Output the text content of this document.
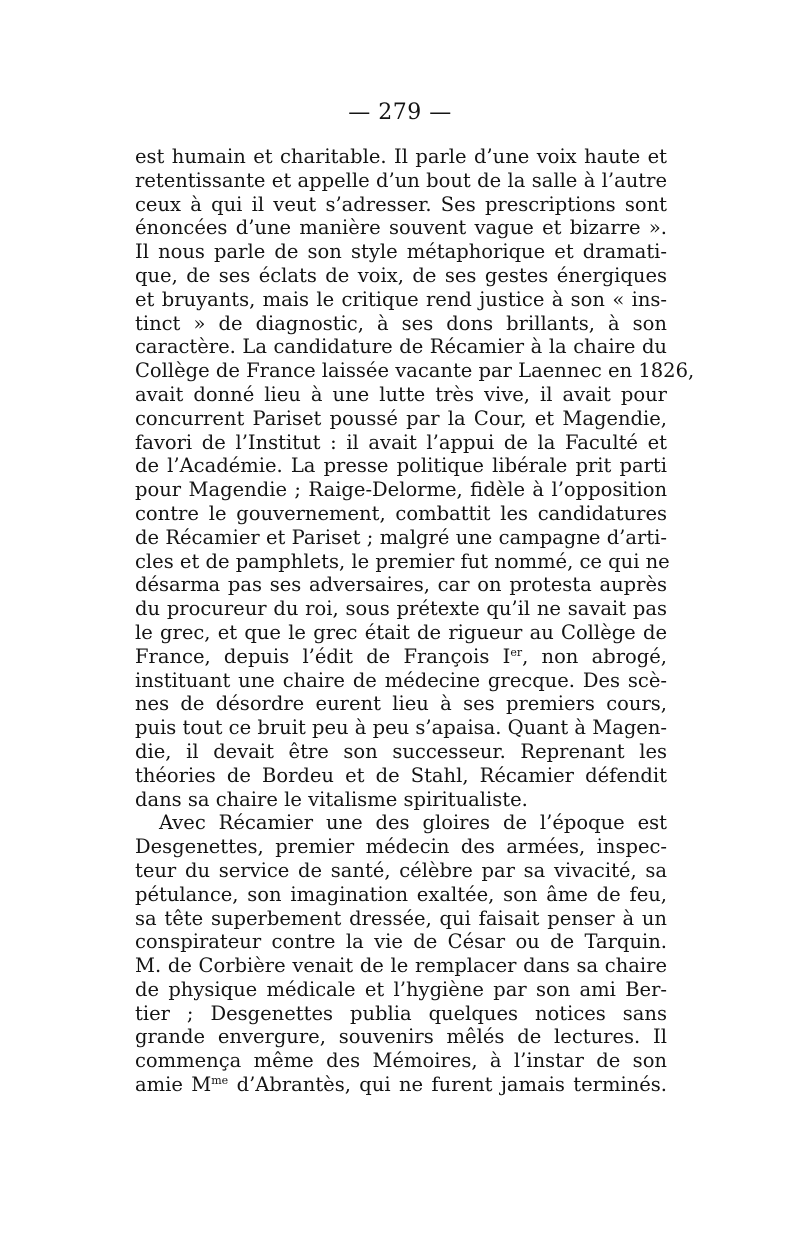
— 279 —
est humain et charitable. Il parle d’une voix haute et
retentissante et appelle d’un bout de la salle à l’autre
ceux à qui il veut s’adresser. Ses prescriptions sont
énoncées d’une manière souvent vague et bizarre ».
Il nous parle de son style métaphorique et dramati-
que, de ses éclats de voix, de ses gestes énergiques
et bruyants, mais le critique rend justice à son « ins-
tinct » de diagnostic, à ses dons brillants, à son
caractère. La candidature de Récamier à la chaire du
Collège de France laissée vacante par Laennec en 1826,
avait donné lieu à une lutte très vive, il avait pour
concurrent Pariset poussé par la Cour, et Magendie,
favori de l’Institut : il avait l’appui de la Faculté et
de l’Académie. La presse politique libérale prit parti
pour Magendie ; Raige-Delorme, fidèle à l’opposition
contre le gouvernement, combattit les candidatures
de Récamier et Pariset ; malgré une campagne d’arti-
cles et de pamphlets, le premier fut nommé, ce qui ne
désarma pas ses adversaires, car on protesta auprès
du procureur du roi, sous prétexte qu’il ne savait pas
le grec, et que le grec était de rigueur au Collège de
France, depuis l’édit de François Ier, non abrogé,
instituant une chaire de médecine grecque. Des scè-
nes de désordre eurent lieu à ses premiers cours,
puis tout ce bruit peu à peu s’apaisa. Quant à Magen-
die, il devait être son successeur. Reprenant les
théories de Bordeu et de Stahl, Récamier défendit
dans sa chaire le vitalisme spiritualiste.
Avec Récamier une des gloires de l’époque est
Desgenettes, premier médecin des armées, inspec-
teur du service de santé, célèbre par sa vivacité, sa
pétulance, son imagination exaltée, son âme de feu,
sa tête superbement dressée, qui faisait penser à un
conspirateur contre la vie de César ou de Tarquin.
M. de Corbière venait de le remplacer dans sa chaire
de physique médicale et l’hygiène par son ami Ber-
tier ; Desgenettes publia quelques notices sans
grande envergure, souvenirs mêlés de lectures. Il
commença même des Mémoires, à l’instar de son
amie $M^{me}$ d’Abrantès, qui ne furent jamais terminés.
